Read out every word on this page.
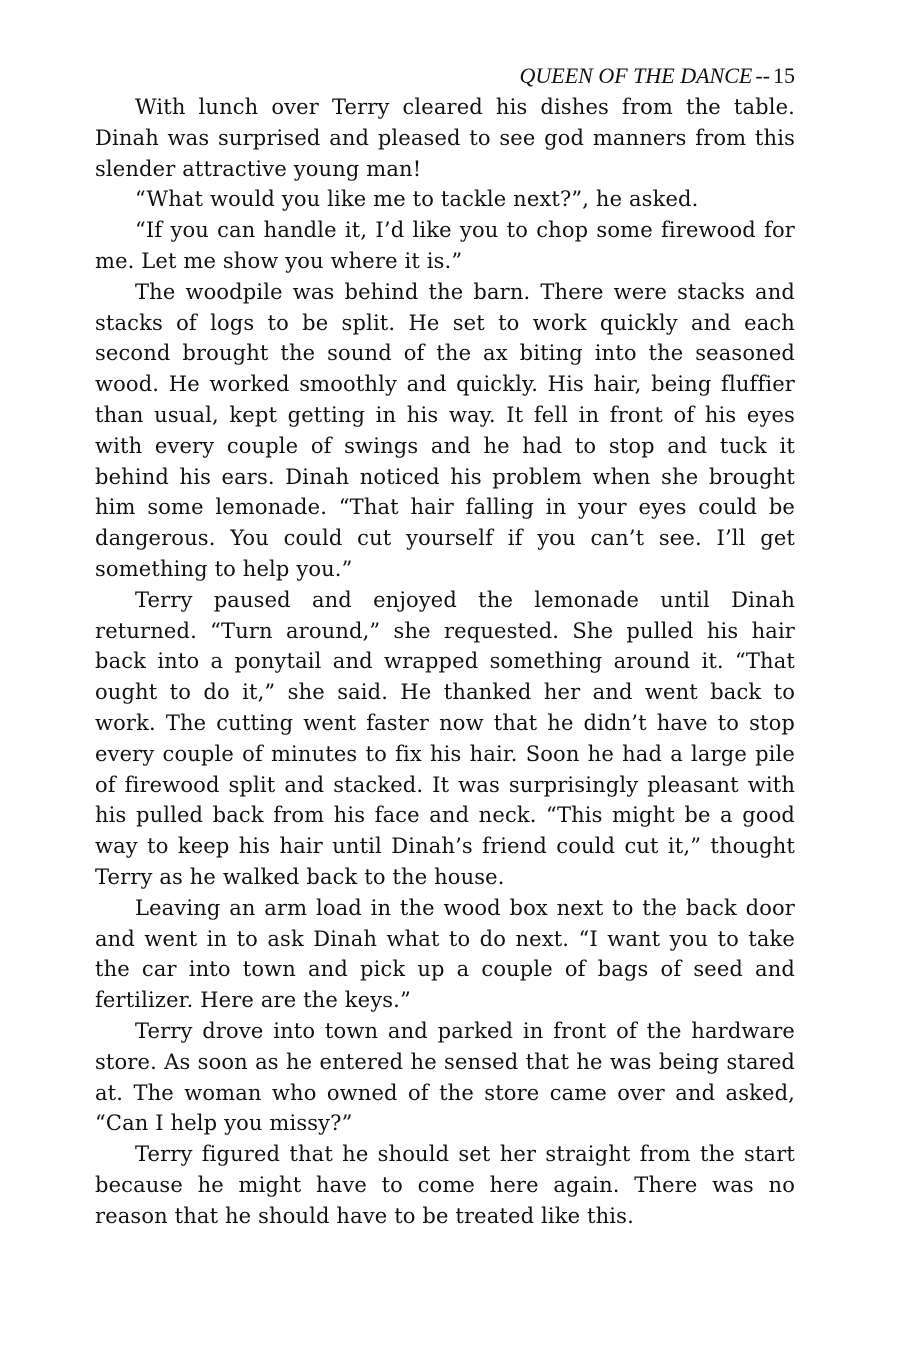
QUEEN OF THE DANCE -- 15

With lunch over Terry cleared his dishes from the table. Dinah was surprised and pleased to see god manners from this slender attractive young man!

“What would you like me to tackle next?”, he asked.

“If you can handle it, I’d like you to chop some firewood for me. Let me show you where it is.”

The woodpile was behind the barn. There were stacks and stacks of logs to be split. He set to work quickly and each second brought the sound of the ax biting into the seasoned wood. He worked smoothly and quickly. His hair, being fluffier than usual, kept getting in his way. It fell in front of his eyes with every couple of swings and he had to stop and tuck it behind his ears. Dinah noticed his problem when she brought him some lemonade. “That hair falling in your eyes could be dangerous. You could cut yourself if you can’t see. I’ll get something to help you.”

Terry paused and enjoyed the lemonade until Dinah returned. “Turn around,” she requested. She pulled his hair back into a ponytail and wrapped something around it. “That ought to do it,” she said. He thanked her and went back to work. The cutting went faster now that he didn’t have to stop every couple of minutes to fix his hair. Soon he had a large pile of firewood split and stacked. It was surprisingly pleasant with his pulled back from his face and neck. “This might be a good way to keep his hair until Dinah’s friend could cut it,” thought Terry as he walked back to the house.

Leaving an arm load in the wood box next to the back door and went in to ask Dinah what to do next. “I want you to take the car into town and pick up a couple of bags of seed and fertilizer. Here are the keys.”

Terry drove into town and parked in front of the hardware store. As soon as he entered he sensed that he was being stared at. The woman who owned of the store came over and asked, “Can I help you missy?”

Terry figured that he should set her straight from the start because he might have to come here again. There was no reason that he should have to be treated like this.
